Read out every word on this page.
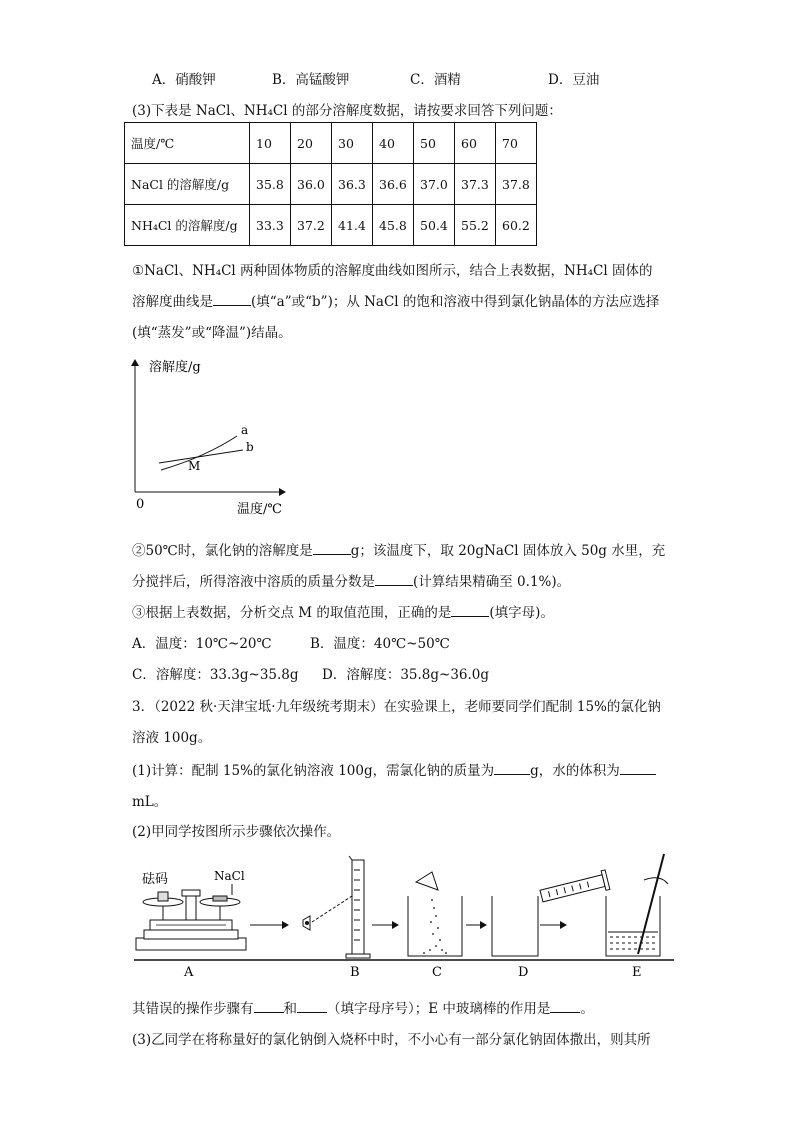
A．硝酸钾	B．高锰酸钾	C．酒精	D．豆油
(3)下表是 NaCl、NH₄Cl 的部分溶解度数据，请按要求回答下列问题：
温度/℃	10	20	30	40	50	60	70
NaCl 的溶解度/g	35.8	36.0	36.3	36.6	37.0	37.3	37.8
NH₄Cl 的溶解度/g	33.3	37.2	41.4	45.8	50.4	55.2	60.2
①NaCl、NH₄Cl 两种固体物质的溶解度曲线如图所示，结合上表数据，NH₄Cl 固体的
溶解度曲线是	(填“a”或“b”)；从 NaCl 的饱和溶液中得到氯化钠晶体的方法应选择
(填“蒸发”或“降温”)结晶。
溶解度/g
0	温度/℃
a
b
M
②50℃时，氯化钠的溶解度是	g；该温度下，取 20gNaCl 固体放入 50g 水里，充
分搅拌后，所得溶液中溶质的质量分数是	(计算结果精确至 0.1%)。
③根据上表数据，分析交点 M 的取值范围，正确的是	(填字母)。
A．温度：10℃~20℃	B．温度：40℃~50℃
C．溶解度：33.3g~35.8g D．溶解度：35.8g~36.0g
3．（2022 秋·天津宝坻·九年级统考期末）在实验课上，老师要同学们配制 15%的氯化钠
溶液 100g。
(1)计算：配制 15%的氯化钠溶液 100g，需氯化钠的质量为	g，水的体积为
mL。
(2)甲同学按图所示步骤依次操作。
砝码	NaCl
A	B	C	D	E
其错误的操作步骤有 和 （填字母序号）；E 中玻璃棒的作用是 。
(3)乙同学在将称量好的氯化钠倒入烧杯中时，不小心有一部分氯化钠固体撒出，则其所
